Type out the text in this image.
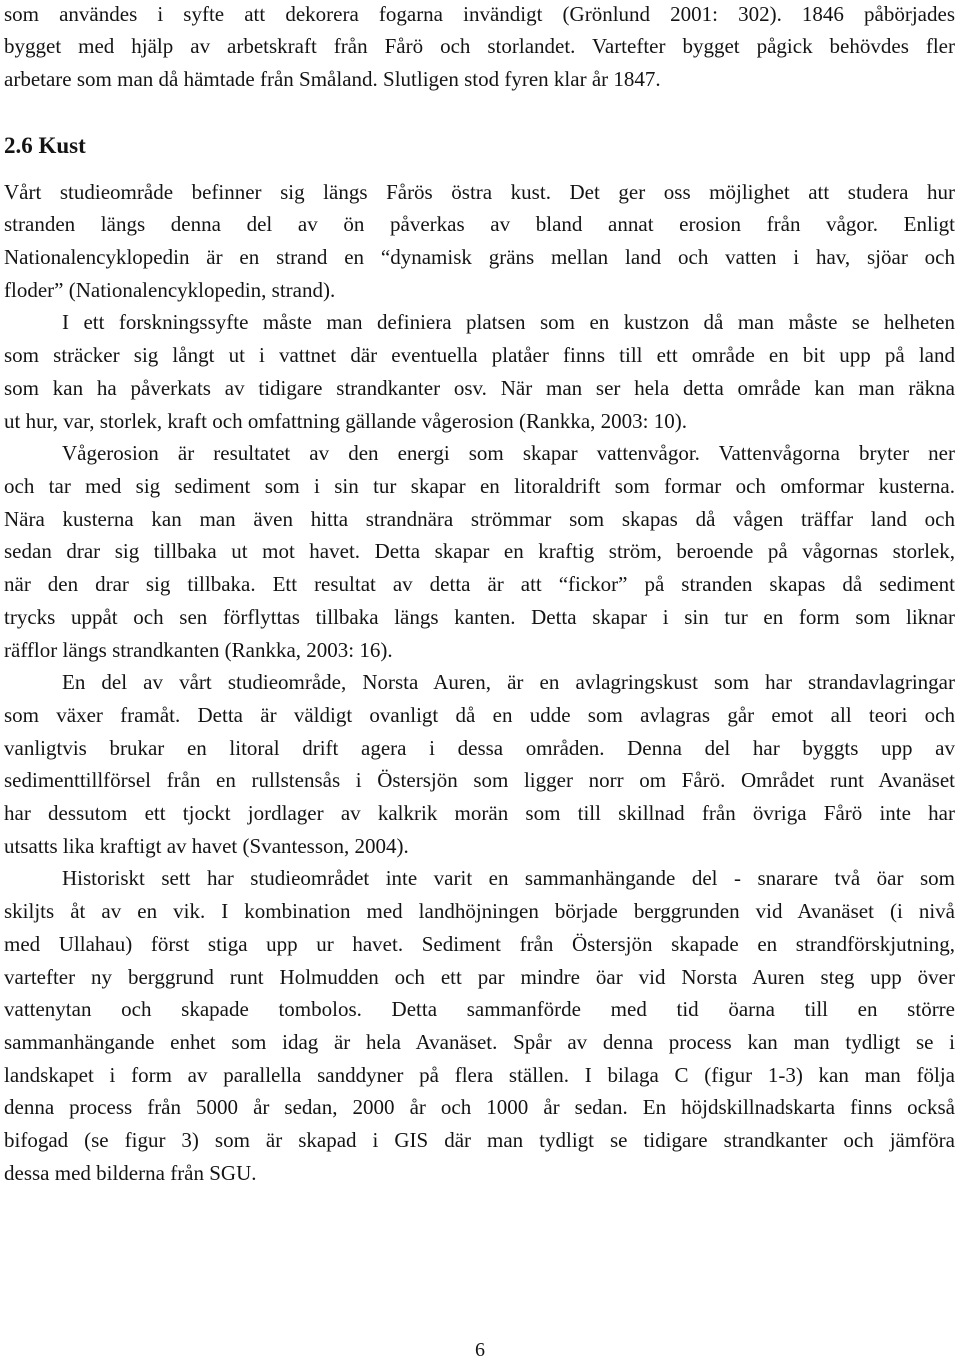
som användes i syfte att dekorera fogarna invändigt (Grönlund 2001: 302). 1846 påbörjades
bygget med hjälp av arbetskraft från Fårö och storlandet. Vartefter bygget pågick behövdes fler
arbetare som man då hämtade från Småland. Slutligen stod fyren klar år 1847.
2.6 Kust
Vårt studieområde befinner sig längs Fårös östra kust. Det ger oss möjlighet att studera hur
stranden längs denna del av ön påverkas av bland annat erosion från vågor. Enligt
Nationalencyklopedin är en strand en “dynamisk gräns mellan land och vatten i hav, sjöar och
floder” (Nationalencyklopedin, strand).
I ett forskningssyfte måste man definiera platsen som en kustzon då man måste se helheten
som sträcker sig långt ut i vattnet där eventuella platåer finns till ett område en bit upp på land
som kan ha påverkats av tidigare strandkanter osv. När man ser hela detta område kan man räkna
ut hur, var, storlek, kraft och omfattning gällande vågerosion (Rankka, 2003: 10).
Vågerosion är resultatet av den energi som skapar vattenvågor. Vattenvågorna bryter ner
och tar med sig sediment som i sin tur skapar en litoraldrift som formar och omformar kusterna.
Nära kusterna kan man även hitta strandnära strömmar som skapas då vågen träffar land och
sedan drar sig tillbaka ut mot havet. Detta skapar en kraftig ström, beroende på vågornas storlek,
när den drar sig tillbaka. Ett resultat av detta är att “fickor” på stranden skapas då sediment
trycks uppåt och sen förflyttas tillbaka längs kanten. Detta skapar i sin tur en form som liknar
räfflor längs strandkanten (Rankka, 2003: 16).
En del av vårt studieområde, Norsta Auren, är en avlagringskust som har strandavlagringar
som växer framåt. Detta är väldigt ovanligt då en udde som avlagras går emot all teori och
vanligtvis brukar en litoral drift agera i dessa områden. Denna del har byggts upp av
sedimenttillförsel från en rullstensås i Östersjön som ligger norr om Fårö. Området runt Avanäset
har dessutom ett tjockt jordlager av kalkrik morän som till skillnad från övriga Fårö inte har
utsatts lika kraftigt av havet (Svantesson, 2004).
Historiskt sett har studieområdet inte varit en sammanhängande del - snarare två öar som
skiljts åt av en vik. I kombination med landhöjningen började berggrunden vid Avanäset (i nivå
med Ullahau) först stiga upp ur havet. Sediment från Östersjön skapade en strandförskjutning,
vartefter ny berggrund runt Holmudden och ett par mindre öar vid Norsta Auren steg upp över
vattenytan och skapade tombolos. Detta sammanförde med tid öarna till en större
sammanhängande enhet som idag är hela Avanäset. Spår av denna process kan man tydligt se i
landskapet i form av parallella sanddyner på flera ställen. I bilaga C (figur 1-3) kan man följa
denna process från 5000 år sedan, 2000 år och 1000 år sedan. En höjdskillnadskarta finns också
bifogad (se figur 3) som är skapad i GIS där man tydligt se tidigare strandkanter och jämföra
dessa med bilderna från SGU.
6
